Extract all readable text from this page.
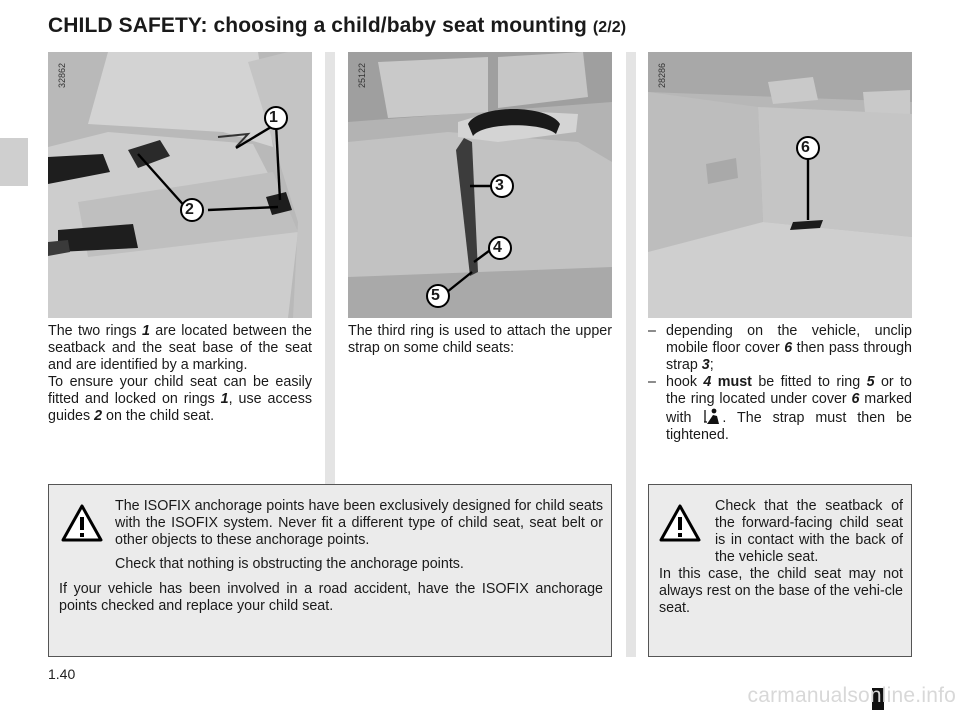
CHILD SAFETY: choosing a child/baby seat mounting (2/2)
32862
1
2
25122
3
4
5
28286
6

The two rings 1 are located between the seatback and the seat base of the seat and are identified by a marking.

To ensure your child seat can be easily fitted and locked on rings 1, use access guides 2 on the child seat.

The third ring is used to attach the upper strap on some child seats:

– depending on the vehicle, unclip mobile floor cover 6 then pass through strap 3;
– hook 4 must be fitted to ring 5 or to the ring located under cover 6 marked with . The strap must then be tightened.
The ISOFIX anchorage points have been exclusively designed for child seats with the ISOFIX system. Never fit a different type of child seat, seat belt or other objects to these anchorage points.
Check that nothing is obstructing the anchorage points.
If your vehicle has been involved in a road accident, have the ISOFIX anchorage points checked and replace your child seat.
Check that the seatback of the forward-facing child seat is in contact with the back of the vehicle seat.
In this case, the child seat may not always rest on the base of the vehi-cle seat.
1.40
carmanualsonline.info
